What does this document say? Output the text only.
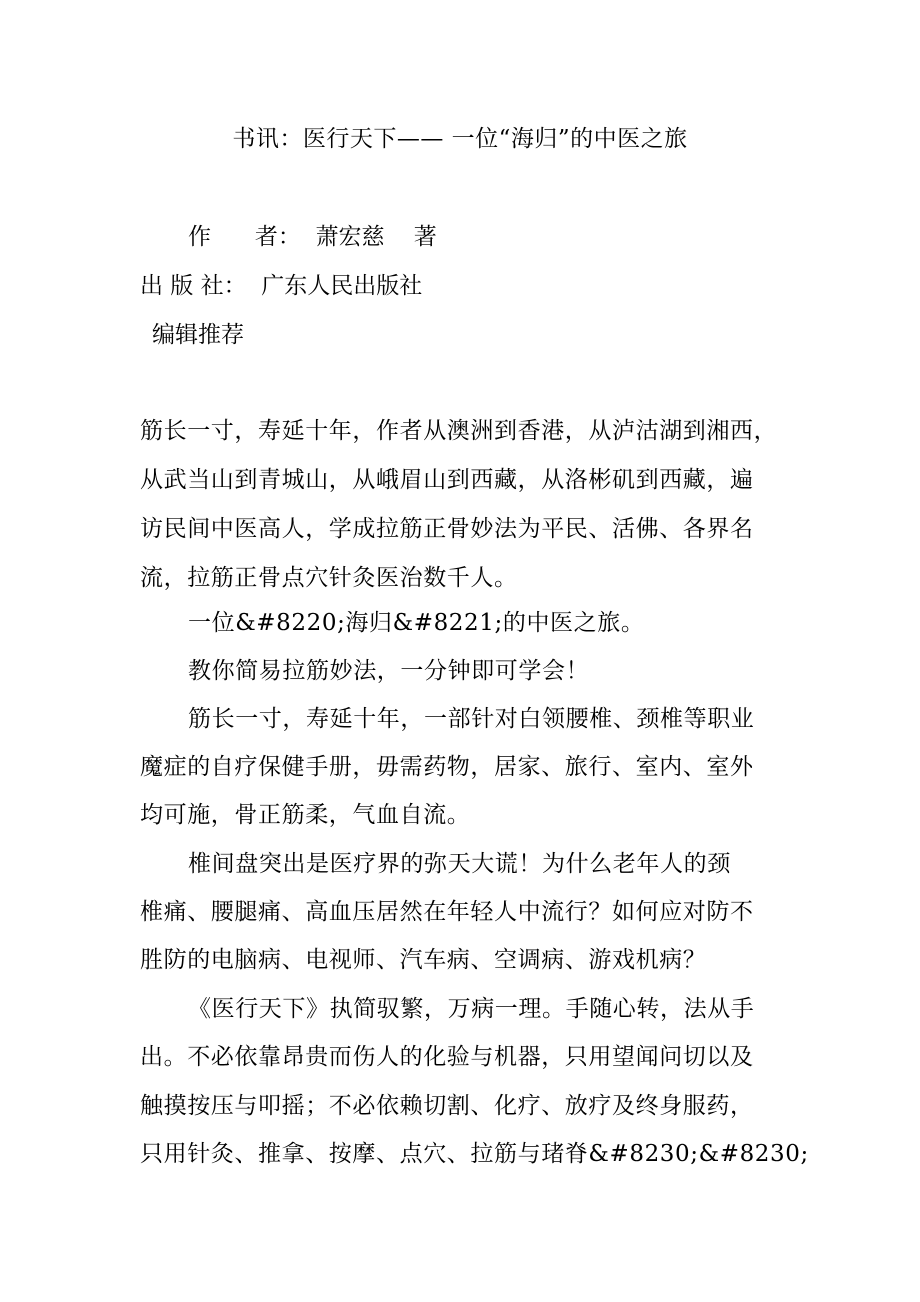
书讯：医行天下—— 一位“海归”的中医之旅
作      者：  萧宏慈    著
出 版 社：  广东人民出版社
编辑推荐
筋长一寸，寿延十年，作者从澳洲到香港，从泸沽湖到湘西，
从武当山到青城山，从峨眉山到西藏，从洛彬矶到西藏，遍
访民间中医高人，学成拉筋正骨妙法为平民、活佛、各界名
流，拉筋正骨点穴针灸医治数千人。
一位&#8220;海归&#8221;的中医之旅。
教你简易拉筋妙法，一分钟即可学会！
筋长一寸，寿延十年，一部针对白领腰椎、颈椎等职业
魔症的自疗保健手册，毋需药物，居家、旅行、室内、室外
均可施，骨正筋柔，气血自流。
椎间盘突出是医疗界的弥天大谎！为什么老年人的颈
椎痛、腰腿痛、高血压居然在年轻人中流行？如何应对防不
胜防的电脑病、电视师、汽车病、空调病、游戏机病？
《医行天下》执简驭繁，万病一理。手随心转，法从手
出。不必依靠昂贵而伤人的化验与机器，只用望闻问切以及
触摸按压与叩摇；不必依赖切割、化疗、放疗及终身服药，
只用针灸、推拿、按摩、点穴、拉筋与琽脊&#8230;&#8230;
